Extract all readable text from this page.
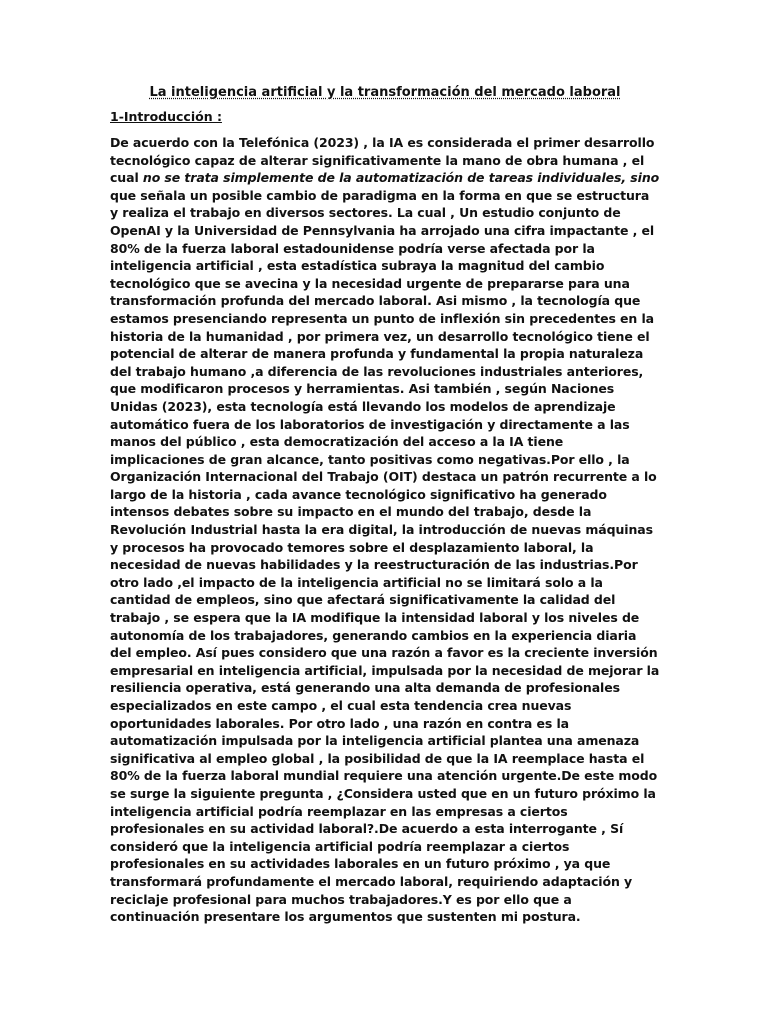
La inteligencia artificial y la transformación del mercado laboral
1-Introducción :

De acuerdo con la Telefónica (2023) , la IA es considerada el primer desarrollo tecnológico capaz de alterar significativamente la mano de obra humana , el cual no se trata simplemente de la automatización de tareas individuales, sino que señala un posible cambio de paradigma en la forma en que se estructura y realiza el trabajo en diversos sectores. La cual , Un estudio conjunto de OpenAI y la Universidad de Pennsylvania ha arrojado una cifra impactante , el 80% de la fuerza laboral estadounidense podría verse afectada por la inteligencia artificial , esta estadística subraya la magnitud del cambio tecnológico que se avecina y la necesidad urgente de prepararse para una transformación profunda del mercado laboral. Asi mismo , la tecnología que estamos presenciando representa un punto de inflexión sin precedentes en la historia de la humanidad , por primera vez, un desarrollo tecnológico tiene el potencial de alterar de manera profunda y fundamental la propia naturaleza del trabajo humano ,a diferencia de las revoluciones industriales anteriores, que modificaron procesos y herramientas. Asi también , según Naciones Unidas (2023), esta tecnología está llevando los modelos de aprendizaje automático fuera de los laboratorios de investigación y directamente a las manos del público , esta democratización del acceso a la IA tiene implicaciones de gran alcance, tanto positivas como negativas.Por ello , la Organización Internacional del Trabajo (OIT) destaca un patrón recurrente a lo largo de la historia , cada avance tecnológico significativo ha generado intensos debates sobre su impacto en el mundo del trabajo, desde la Revolución Industrial hasta la era digital, la introducción de nuevas máquinas y procesos ha provocado temores sobre el desplazamiento laboral, la necesidad de nuevas habilidades y la reestructuración de las industrias.Por otro lado ,el impacto de la inteligencia artificial no se limitará solo a la cantidad de empleos, sino que afectará significativamente la calidad del trabajo , se espera que la IA modifique la intensidad laboral y los niveles de autonomía de los trabajadores, generando cambios en la experiencia diaria del empleo. Así pues considero que una razón a favor es la creciente inversión empresarial en inteligencia artificial, impulsada por la necesidad de mejorar la resiliencia operativa, está generando una alta demanda de profesionales especializados en este campo , el cual esta tendencia crea nuevas oportunidades laborales. Por otro lado , una razón en contra es la automatización impulsada por la inteligencia artificial plantea una amenaza significativa al empleo global , la posibilidad de que la IA reemplace hasta el 80% de la fuerza laboral mundial requiere una atención urgente.De este modo se surge la siguiente pregunta , ¿Considera usted que en un futuro próximo la inteligencia artificial podría reemplazar en las empresas a ciertos profesionales en su actividad laboral?.De acuerdo a esta interrogante , Sí consideró que la inteligencia artificial podría reemplazar a ciertos profesionales en su actividades laborales en un futuro próximo , ya que transformará profundamente el mercado laboral, requiriendo adaptación y reciclaje profesional para muchos trabajadores.Y es por ello que a continuación presentare los argumentos que sustenten mi postura.
